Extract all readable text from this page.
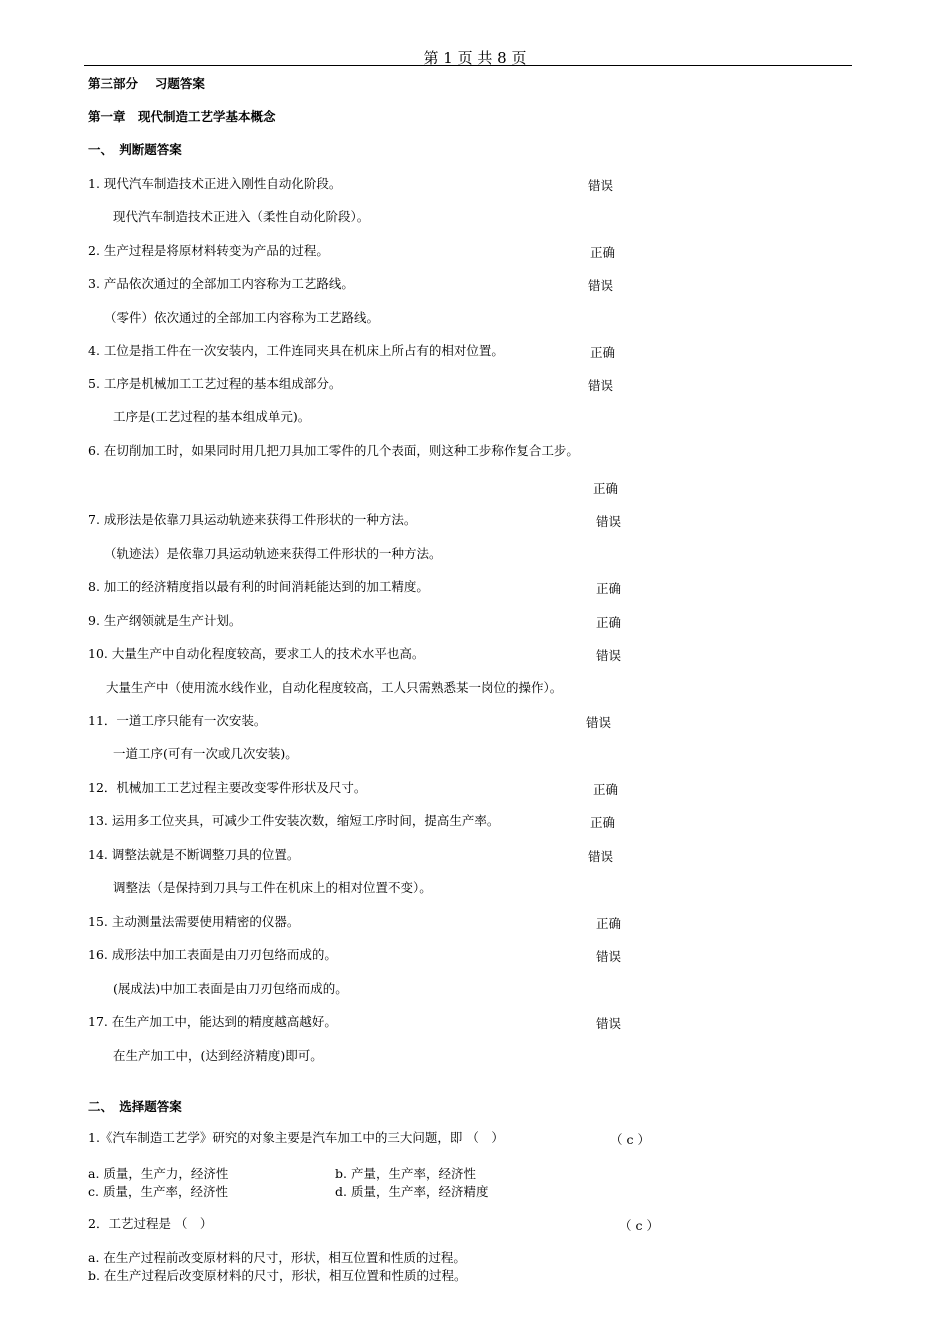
第 1 页 共 8 页
第三部分　 习题答案
第一章　现代制造工艺学基本概念
一、　判断题答案
1. 现代汽车制造技术正进入刚性自动化阶段。	错误
现代汽车制造技术正进入（柔性自动化阶段）。
2. 生产过程是将原材料转变为产品的过程。	正确
3. 产品依次通过的全部加工内容称为工艺路线。	错误
（零件）依次通过的全部加工内容称为工艺路线。
4. 工位是指工件在一次安装内，工件连同夹具在机床上所占有的相对位置。	正确
5. 工序是机械加工工艺过程的基本组成部分。	错误
工序是(工艺过程的基本组成单元)。
6. 在切削加工时，如果同时用几把刀具加工零件的几个表面，则这种工步称作复合工步。
正确
7. 成形法是依靠刀具运动轨迹来获得工件形状的一种方法。	错误
（轨迹法）是依靠刀具运动轨迹来获得工件形状的一种方法。
8. 加工的经济精度指以最有利的时间消耗能达到的加工精度。	正确
9. 生产纲领就是生产计划。	正确
10. 大量生产中自动化程度较高，要求工人的技术水平也高。	错误
大量生产中（使用流水线作业，自动化程度较高，工人只需熟悉某一岗位的操作）。
11．一道工序只能有一次安装。	错误
一道工序(可有一次或几次安装)。
12．机械加工工艺过程主要改变零件形状及尺寸。	正确
13. 运用多工位夹具，可减少工件安装次数，缩短工序时间，提高生产率。	正确
14. 调整法就是不断调整刀具的位置。	错误
调整法（是保持到刀具与工件在机床上的相对位置不变）。
15. 主动测量法需要使用精密的仪器。	正确
16. 成形法中加工表面是由刀刃包络而成的。	错误
(展成法)中加工表面是由刀刃包络而成的。
17. 在生产加工中，能达到的精度越高越好。	错误
在生产加工中，(达到经济精度)即可。
二、　选择题答案
1.《汽车制造工艺学》研究的对象主要是汽车加工中的三大问题，即 （　）	（ c ）
a. 质量，生产力，经济性	b. 产量，生产率，经济性
c. 质量，生产率，经济性	d. 质量，生产率，经济精度
2．工艺过程是 （　）	（ c ）
a. 在生产过程前改变原材料的尺寸，形状，相互位置和性质的过程。
b. 在生产过程后改变原材料的尺寸，形状，相互位置和性质的过程。
